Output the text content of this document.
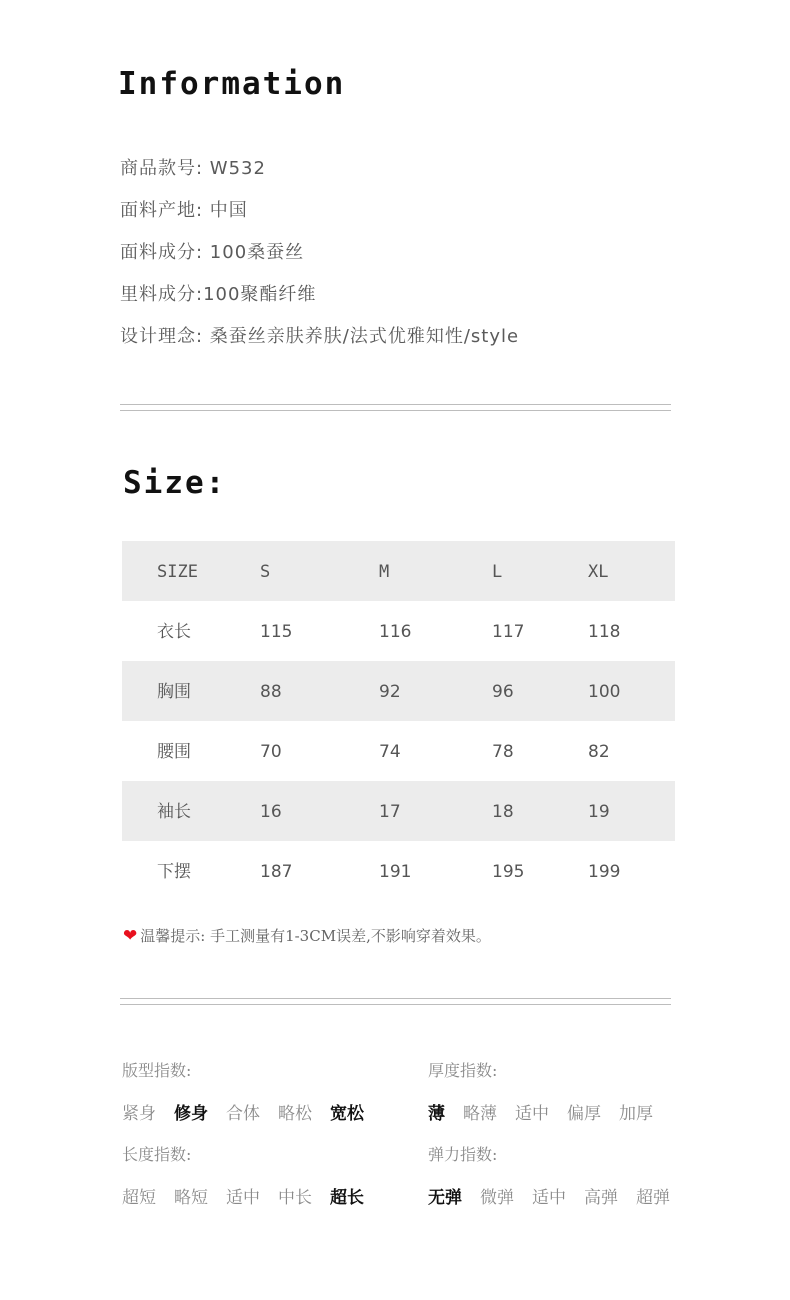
Information
商品款号: W532
面料产地: 中国
面料成分: 100桑蚕丝
里料成分:100聚酯纤维
设计理念: 桑蚕丝亲肤养肤/法式优雅知性/style
Size:
SIZE	S	M	L	XL
衣长	115	116	117	118
胸围	88	92	96	100
腰围	70	74	78	82
袖长	16	17	18	19
下摆	187	191	195	199
❤ 温馨提示: 手工测量有1-3CM误差,不影响穿着效果。
版型指数:
紧身 修身 合体 略松 宽松
厚度指数:
薄 略薄 适中 偏厚 加厚
长度指数:
超短 略短 适中 中长 超长
弹力指数:
无弹 微弹 适中 高弹 超弹
